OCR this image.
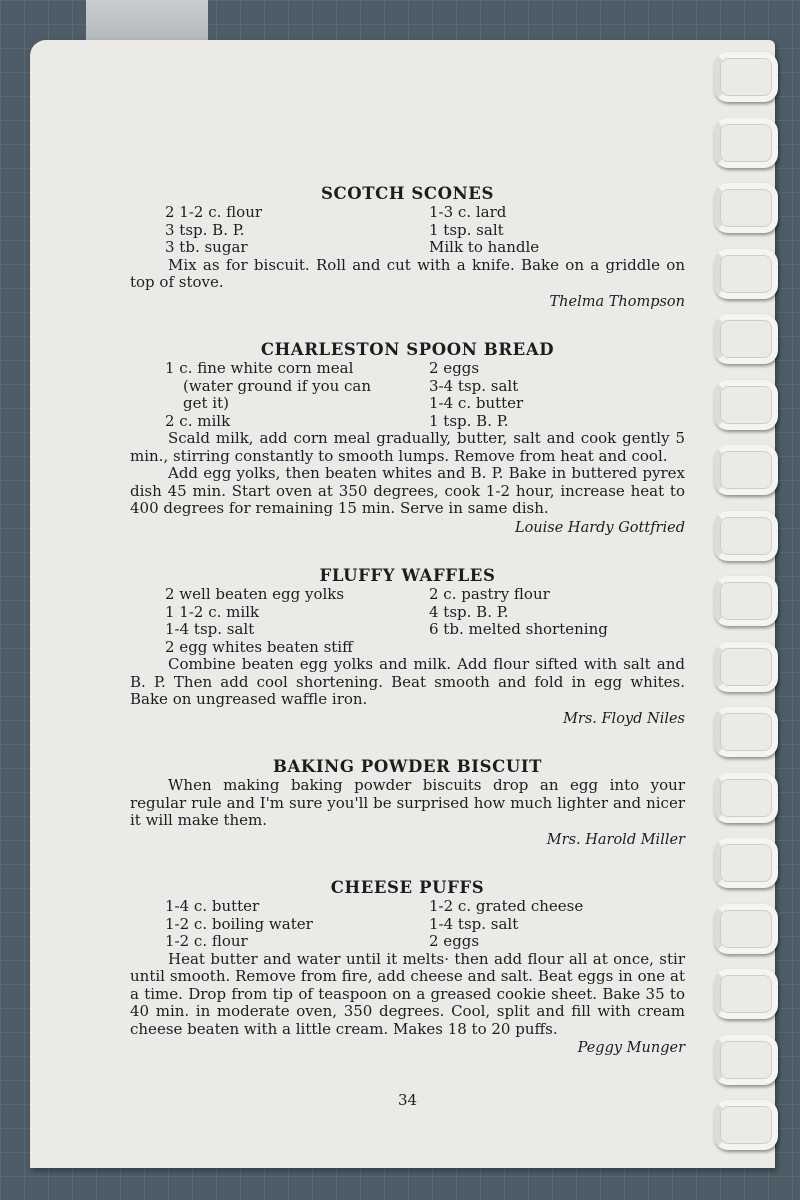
SCOTCH SCONES
2 1-2 c. flour
3 tsp. B. P.
3 tb. sugar
1-3 c. lard
1 tsp. salt
Milk to handle
Mix as for biscuit. Roll and cut with a knife. Bake on a griddle on top of stove.
Thelma Thompson
CHARLESTON SPOON BREAD
1 c. fine white corn meal
(water ground if you can
get it)
2 c. milk
2 eggs
3-4 tsp. salt
1-4 c. butter
1 tsp. B. P.
Scald milk, add corn meal gradually, butter, salt and cook gently 5 min., stirring constantly to smooth lumps. Remove from heat and cool.
Add egg yolks, then beaten whites and B. P. Bake in buttered pyrex dish 45 min. Start oven at 350 degrees, cook 1-2 hour, increase heat to 400 degrees for remaining 15 min. Serve in same dish.
Louise Hardy Gottfried
FLUFFY WAFFLES
2 well beaten egg yolks
1 1-2 c. milk
1-4 tsp. salt
2 c. pastry flour
4 tsp. B. P.
6 tb. melted shortening
2 egg whites beaten stiff
Combine beaten egg yolks and milk. Add flour sifted with salt and B. P. Then add cool shortening. Beat smooth and fold in egg whites. Bake on ungreased waffle iron.
Mrs. Floyd Niles
BAKING POWDER BISCUIT
When making baking powder biscuits drop an egg into your regular rule and I'm sure you'll be surprised how much lighter and nicer it will make them.
Mrs. Harold Miller
CHEESE PUFFS
1-4 c. butter
1-2 c. boiling water
1-2 c. flour
1-2 c. grated cheese
1-4 tsp. salt
2 eggs
Heat butter and water until it melts· then add flour all at once, stir until smooth. Remove from fire, add cheese and salt. Beat eggs in one at a time. Drop from tip of teaspoon on a greased cookie sheet. Bake 35 to 40 min. in moderate oven, 350 degrees. Cool, split and fill with cream cheese beaten with a little cream. Makes 18 to 20 puffs.
Peggy Munger
34
